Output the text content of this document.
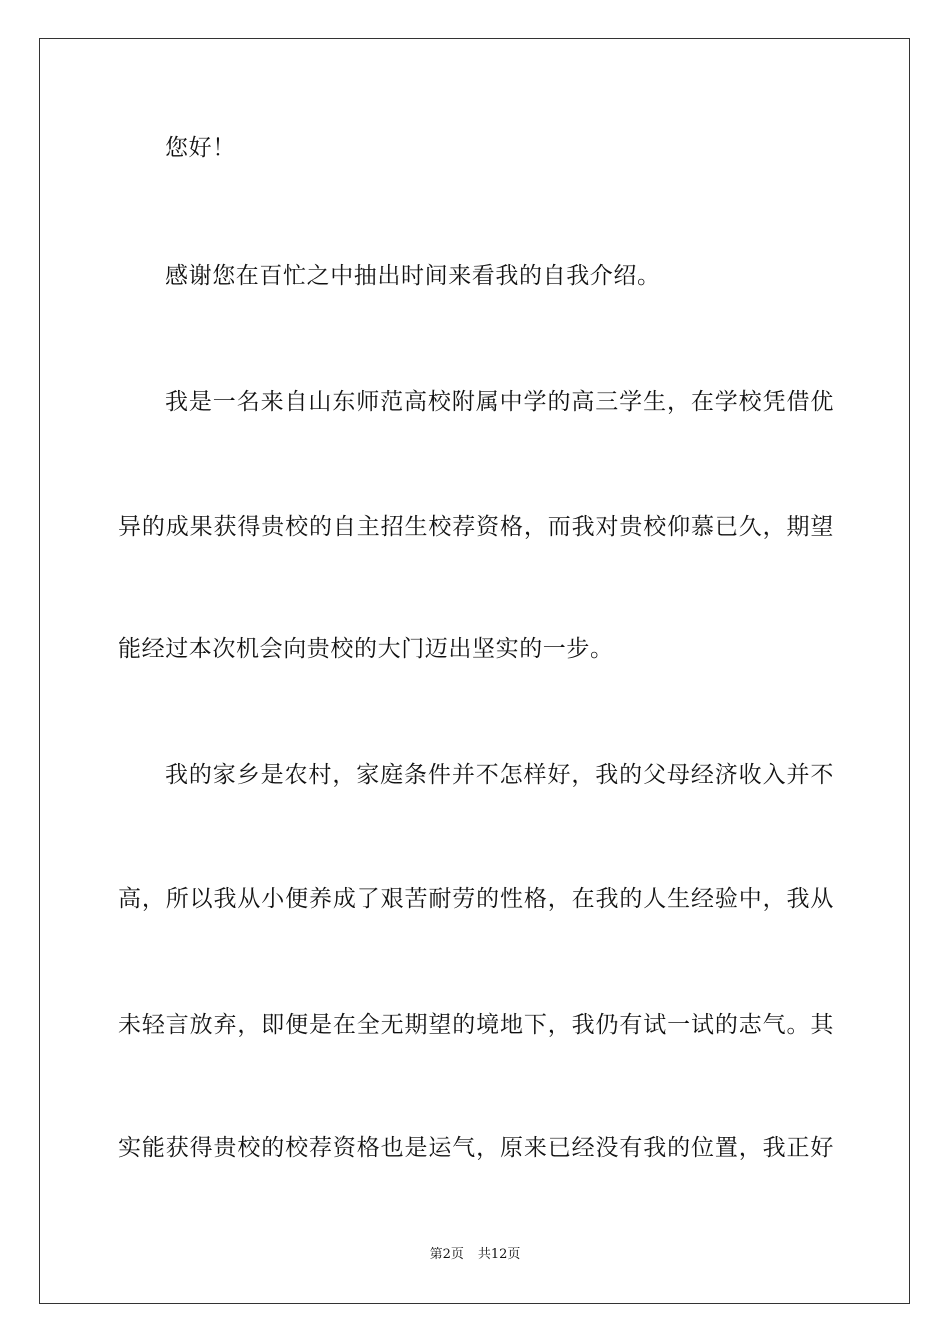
您好！
感谢您在百忙之中抽出时间来看我的自我介绍。
我是一名来自山东师范高校附属中学的高三学生，在学校凭借优
异的成果获得贵校的自主招生校荐资格，而我对贵校仰慕已久，期望
能经过本次机会向贵校的大门迈出坚实的一步。
我的家乡是农村，家庭条件并不怎样好，我的父母经济收入并不
高，所以我从小便养成了艰苦耐劳的性格，在我的人生经验中，我从
未轻言放弃，即便是在全无期望的境地下，我仍有试一试的志气。其
实能获得贵校的校荐资格也是运气，原来已经没有我的位置，我正好
第2页 共12页
